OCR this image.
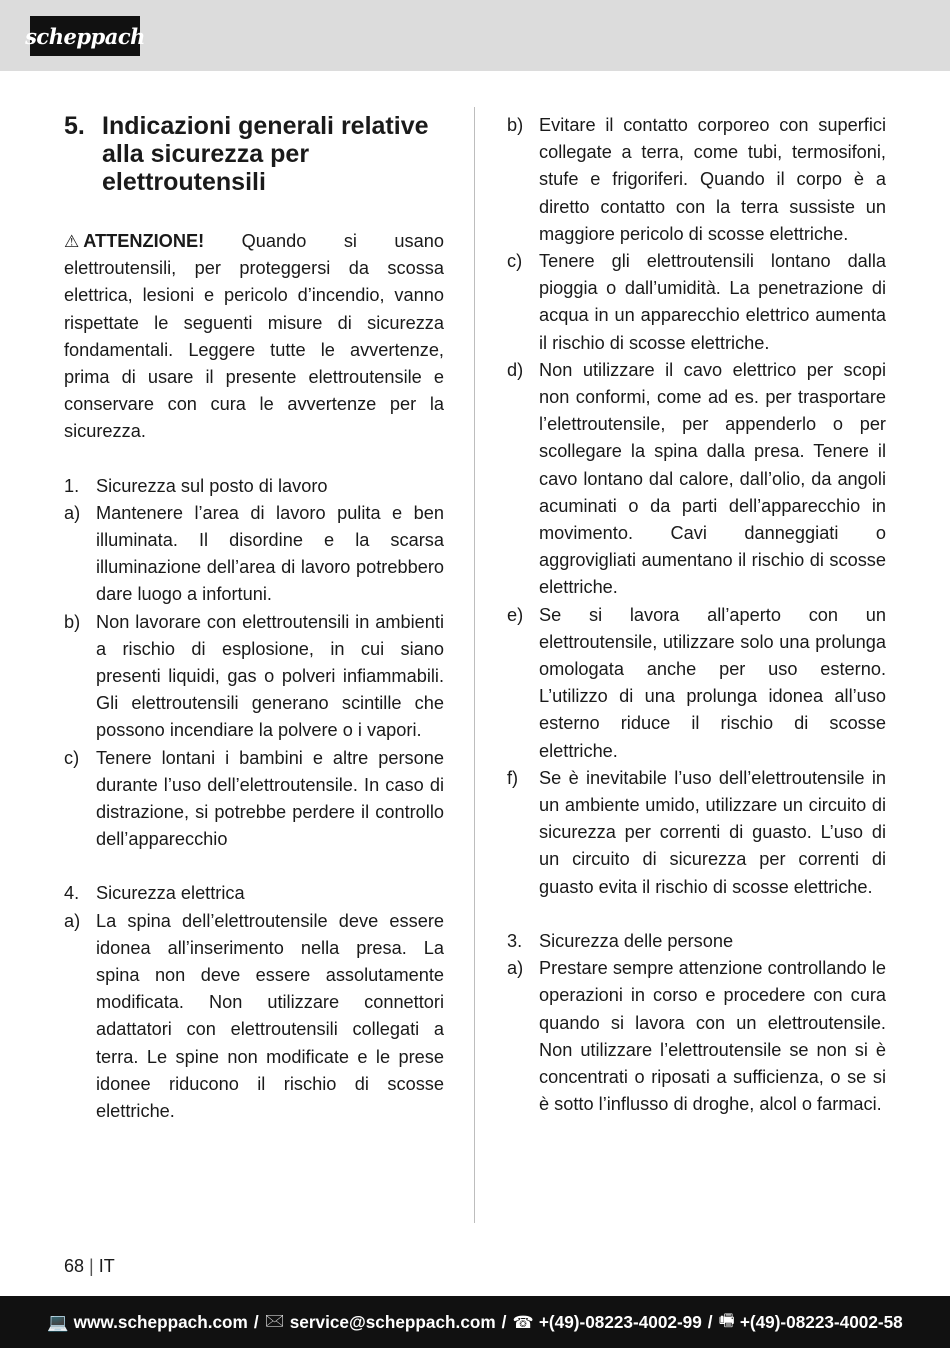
scheppach
5. Indicazioni generali relative alla sicurezza per elettroutensili
⚠ ATTENZIONE! Quando si usano elettroutensili, per proteggersi da scossa elettrica, lesioni e pericolo d’incendio, vanno rispettate le seguenti misure di sicurezza fondamentali. Leggere tutte le avvertenze, prima di usare il presente elettroutensile e conservare con cura le avvertenze per la sicurezza.
1. Sicurezza sul posto di lavoro
a) Mantenere l’area di lavoro pulita e ben illuminata. Il disordine e la scarsa illuminazione dell’area di lavoro potrebbero dare luogo a infortuni.
b) Non lavorare con elettroutensili in ambienti a rischio di esplosione, in cui siano presenti liquidi, gas o polveri infiammabili. Gli elettroutensili generano scintille che possono incendiare la polvere o i vapori.
c) Tenere lontani i bambini e altre persone durante l’uso dell’elettroutensile. In caso di distrazione, si potrebbe perdere il controllo dell’apparecchio
4. Sicurezza elettrica
a) La spina dell’elettroutensile deve essere idonea all’inserimento nella presa. La spina non deve essere assolutamente modificata. Non utilizzare connettori adattatori con elettroutensili collegati a terra. Le spine non modificate e le prese idonee riducono il rischio di scosse elettriche.
b) Evitare il contatto corporeo con superfici collegate a terra, come tubi, termosifoni, stufe e frigoriferi. Quando il corpo è a diretto contatto con la terra sussiste un maggiore pericolo di scosse elettriche.
c) Tenere gli elettroutensili lontano dalla pioggia o dall’umidità. La penetrazione di acqua in un apparecchio elettrico aumenta il rischio di scosse elettriche.
d) Non utilizzare il cavo elettrico per scopi non conformi, come ad es. per trasportare l’elettroutensile, per appenderlo o per scollegare la spina dalla presa. Tenere il cavo lontano dal calore, dall’olio, da angoli acuminati o da parti dell’apparecchio in movimento. Cavi danneggiati o aggrovigliati aumentano il rischio di scosse elettriche.
e) Se si lavora all’aperto con un elettroutensile, utilizzare solo una prolunga omologata anche per uso esterno. L’utilizzo di una prolunga idonea all’uso esterno riduce il rischio di scosse elettriche.
f)	Se è inevitabile l’uso dell’elettroutensile in un ambiente umido, utilizzare un circuito di sicurezza per correnti di guasto. L’uso di un circuito di sicurezza per correnti di guasto evita il rischio di scosse elettriche.
3. Sicurezza delle persone
a) Prestare sempre attenzione controllando le operazioni in corso e procedere con cura quando si lavora con un elettroutensile. Non utilizzare l’elettroutensile se non si è concentrati o riposati a sufficienza, o se si è sotto l’influsso di droghe, alcol o farmaci.
68 | IT
💻 www.scheppach.com / 🖂 service@scheppach.com / ☎ +(49)-08223-4002-99 / 🖷 +(49)-08223-4002-58
